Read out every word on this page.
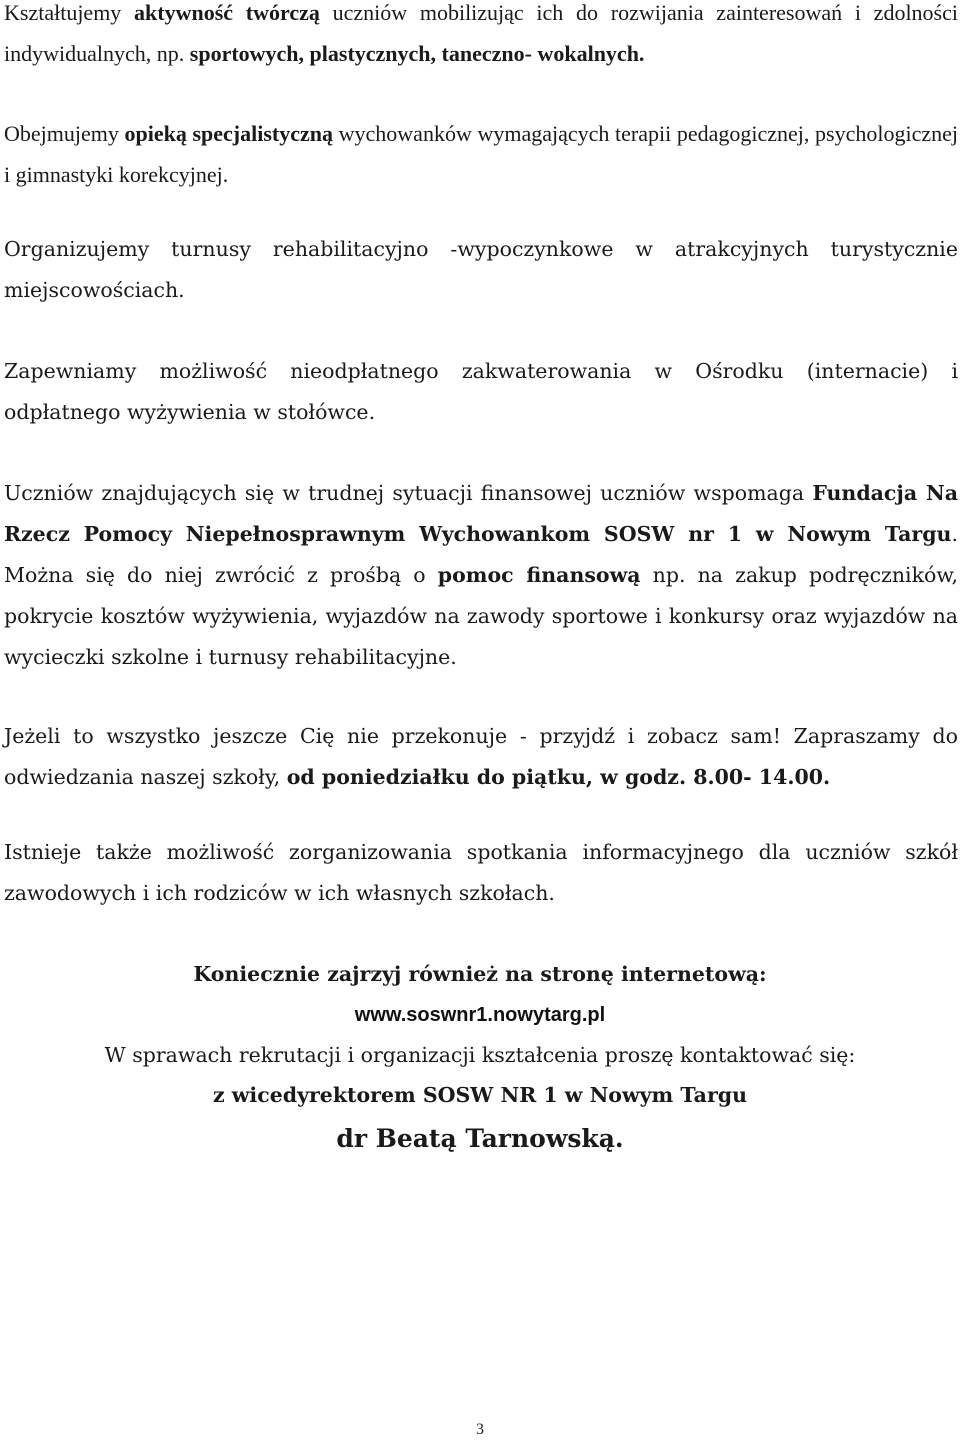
Kształtujemy aktywność twórczą uczniów mobilizując ich do rozwijania zainteresowań i zdolności indywidualnych, np. sportowych, plastycznych, taneczno- wokalnych.

Obejmujemy opieką specjalistyczną wychowanków wymagających terapii pedagogicznej, psychologicznej i gimnastyki korekcyjnej.

Organizujemy turnusy rehabilitacyjno -wypoczynkowe w atrakcyjnych turystycznie miejscowościach.

Zapewniamy możliwość nieodpłatnego zakwaterowania w Ośrodku (internacie) i odpłatnego wyżywienia w stołówce.

Uczniów znajdujących się w trudnej sytuacji finansowej uczniów wspomaga Fundacja Na Rzecz Pomocy Niepełnosprawnym Wychowankom SOSW nr 1 w Nowym Targu. Można się do niej zwrócić z prośbą o pomoc finansową np. na zakup podręczników, pokrycie kosztów wyżywienia, wyjazdów na zawody sportowe i konkursy oraz wyjazdów na wycieczki szkolne i turnusy rehabilitacyjne.

Jeżeli to wszystko jeszcze Cię nie przekonuje - przyjdź i zobacz sam! Zapraszamy do odwiedzania naszej szkoły, od poniedziałku do piątku, w godz. 8.00- 14.00.

Istnieje także możliwość zorganizowania spotkania informacyjnego dla uczniów szkół zawodowych i ich rodziców w ich własnych szkołach.

Koniecznie zajrzyj również na stronę internetową:

www.soswnr1.nowytarg.pl

W sprawach rekrutacji i organizacji kształcenia proszę kontaktować się:

z wicedyrektorem SOSW NR 1 w Nowym Targu

dr Beatą Tarnowską.

3
